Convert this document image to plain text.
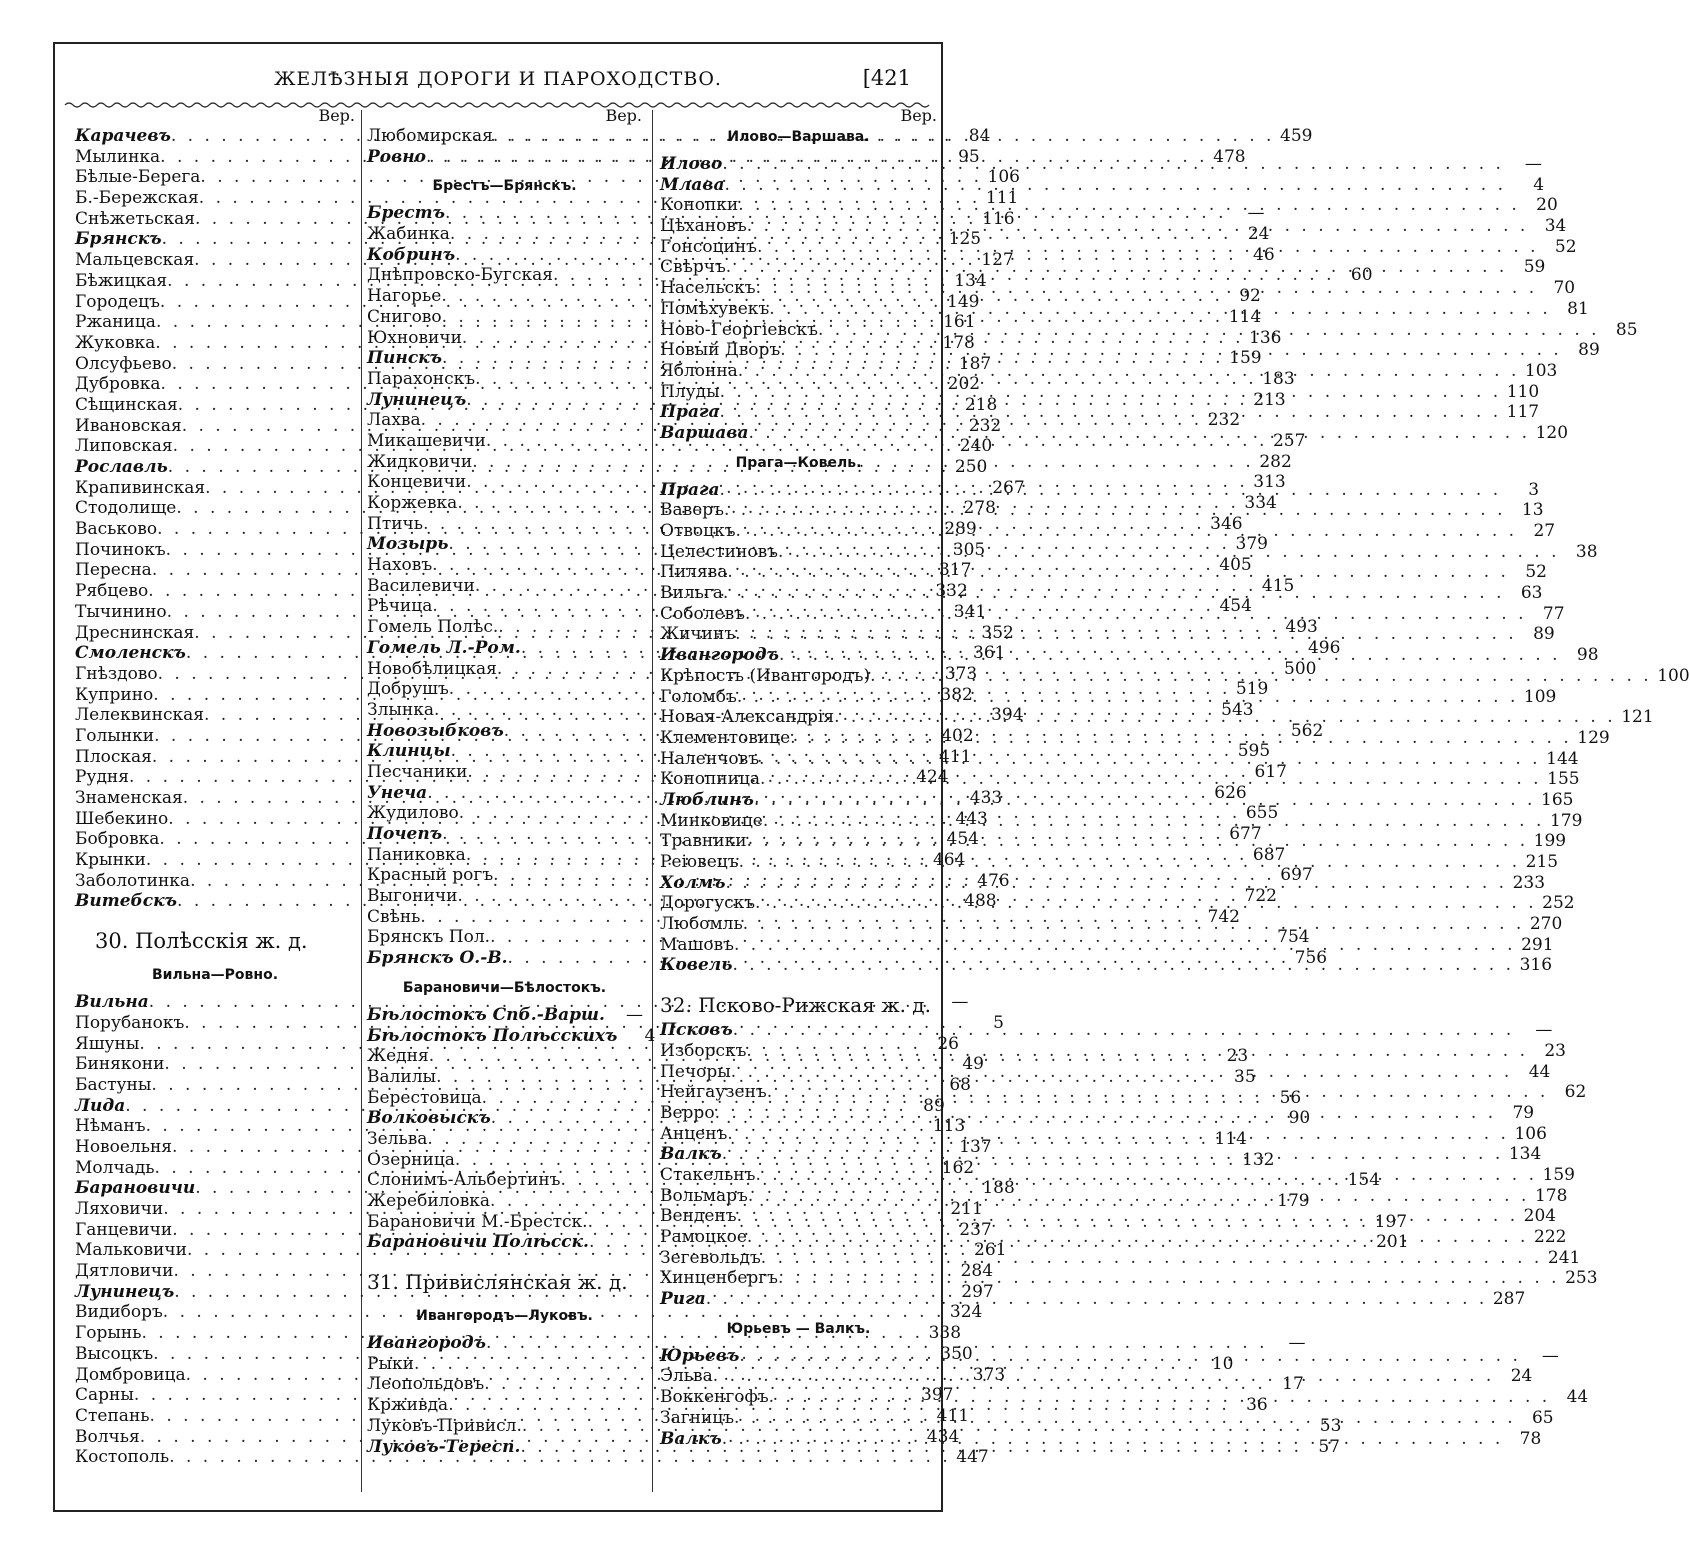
ЖЕЛѢЗНЫЯ ДОРОГИ И ПАРОХОДСТВО.	[421
Вер.
Карачевъ . . .	84
Мылинка . . .	95
Бѣлые-Берега . . .	106
Б.-Бережская . . .	111
Снѣжетьская . . .	116
Брянскъ . . .	125
Мальцевская . . .	127
Бѣжицкая . . .	134
Городецъ . . .	149
Ржаница . . .	161
Жуковка . . .	178
Олсуфьево . . .	187
Дубровка . . .	202
Сѣщинская . . .	218
Ивановская . . .	232
Липовская . . .	240
Рославль . . .	250
Крапивинская . . .	267
Стодолище . . .	278
Васьково . . .	289
Починокъ . . .	305
Пересна . . .	317
Рябцево . . .	332
Тычинино . . .	341
Дреснинская . . .	352
Смоленскъ . . .	361
Гнѣздово . . .	373
Куприно . . .	382
Лелеквинская . . .	394
Голынки . . .	402
Плоская . . .	411
Рудня . . .	424
Знаменская . . .	433
Шебекино . . .	443
Бобровка . . .	454
Крынки . . .	464
Заболотинка . . .	476
Витебскъ . . .	488
30. Полѣсскія ж. д.
Вильна—Ровно.
Вильна . . .	—
Порубанокъ . . .	5
Яшуны . . .	26
Бинякони . . .	49
Бастуны . . .	68
Лида . . .	89
Нѣманъ . . .	113
Новоельня . . .	137
Молчадь . . .	162
Барановичи . . .	188
Ляховичи . . .	211
Ганцевичи . . .	237
Мальковичи . . .	261
Дятловичи . . .	284
Лунинецъ . . .	297
Видиборъ . . .	324
Горынь . . .	338
Высоцкъ . . .	350
Домбровица . . .	373
Сарны . . .	397
Степань . . .	411
Волчья . . .	434
Костополь . . .	447
Вер.
Любомирская . . .	459
Ровно . . .	478
Брестъ—Брянскъ.
Брестъ . . .	—
Жабинка . . .	24
Кобринъ . . .	46
Днѣпровско-Бугская . . .	60
Нагорье . . .	92
Снигово . . .	114
Юхновичи . . .	136
Пинскъ . . .	159
Парахонскъ . . .	183
Лунинецъ . . .	213
Лахва . . .	232
Микашевичи . . .	257
Жидковичи . . .	282
Концевичи . . .	313
Коржевка . . .	334
Птичь . . .	346
Мозырь . . .	379
Наховъ . . .	405
Василевичи . . .	415
Рѣчица . . .	454
Гомель Полѣс. . . .	493
Гомель Л.-Ром. . . .	496
Новобѣлицкая . . .	500
Добрушъ . . .	519
Злынка . . .	543
Новозыбковъ . . .	562
Клинцы . . .	595
Песчаники . . .	617
Унеча . . .	626
Жудилово . . .	655
Почепъ . . .	677
Паниковка . . .	687
Красный рогъ . . .	697
Выгоничи . . .	722
Свѣнь . . .	742
Брянскъ Пол. . . .	754
Брянскъ О.-В. . . .	756
Барановичи—Бѣлостокъ.
Бѣлостокъ Спб.-Варш.	—
Бѣлостокъ Полѣсскихъ	4
Жедня . . .	23
Валилы . . .	35
Берестовица . . .	56
Волковыскъ . . .	90
Зельва . . .	114
Озерница . . .	132
Слонимъ-Альбертинъ . . .	154
Жеребиловка . . .	179
Барановичи М.-Брестск. . . .	197
Барановичи Полѣсск. . . .	201
31. Привислянская ж. д.
Ивангородъ—Луковъ.
Ивангородъ . . .	—
Рыки . . .	10
Леопольдовъ . . .	17
Крживда . . .	36
Луковъ-Привисл. . . .	53
Луковъ-Тересп. . . .	57
Вер.
Илово—Варшава.
Илово . . .	—
Млава . . .	4
Конопки . . .	20
Цѣхановъ . . .	34
Гонсоцинъ . . .	52
Свѣрчъ . . .	59
Насельскъ . . .	70
Помѣхувекъ . . .	81
Ново-Георгіевскъ . . .	85
Новый Дворъ . . .	89
Яблонна . . .	103
Плуды . . .	110
Прага . . .	117
Варшава . . .	120
Прага—Ковель.
Прага . . .	3
Ваверъ . . .	13
Отвоцкъ . . .	27
Целестиновъ . . .	38
Пилява . . .	52
Вильга . . .	63
Соболевъ . . .	77
Жичинъ . . .	89
Ивангородъ . . .	98
Крѣпость (Ивангородъ) . . .	100
Голомбъ . . .	109
Новая-Александрія . . .	121
Клементовице . . .	129
Наленчовъ . . .	144
Конопница . . .	155
Люблинъ . . .	165
Минковице . . .	179
Травники . . .	199
Реіовецъ . . .	215
Холмъ . . .	233
Дорогускъ . . .	252
Любомль . . .	270
Машовъ . . .	291
Ковель . . .	316
32. Псково-Рижская ж. д.
Псковъ . . .	—
Изборскъ . . .	23
Печоры . . .	44
Нейгаузенъ . . .	62
Верро . . .	79
Анценъ . . .	106
Валкъ . . .	134
Стакельнъ . . .	159
Вольмаръ . . .	178
Венденъ . . .	204
Рамоцкое . . .	222
Зегевольдъ . . .	241
Хинценбергъ . . .	253
Рига . . .	287
Юрьевъ — Валкъ.
Юрьевъ . . .	—
Эльва . . .	24
Воккенгофъ . . .	44
Загницъ . . .	65
Валкъ . . .	78
